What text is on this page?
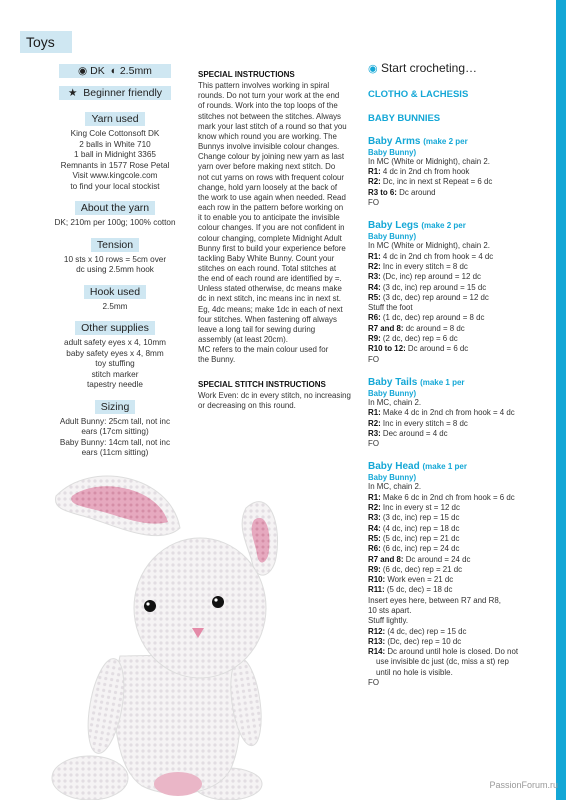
Toys
◉ DK ◐ 2.5mm
★ Beginner friendly
Yarn used
King Cole Cottonsoft DK
2 balls in White 710
1 ball in Midnight 3365
Remnants in 1577 Rose Petal
Visit www.kingcole.com
to find your local stockist
About the yarn
DK; 210m per 100g; 100% cotton
Tension
10 sts x 10 rows = 5cm over
dc using 2.5mm hook
Hook used
2.5mm
Other supplies
adult safety eyes x 4, 10mm
baby safety eyes x 4, 8mm
toy stuffing
stitch marker
tapestry needle
Sizing
Adult Bunny: 25cm tall, not inc
ears (17cm sitting)
Baby Bunny: 14cm tall, not inc
ears (11cm sitting)
SPECIAL INSTRUCTIONS
This pattern involves working in spiral
rounds. Do not turn your work at the end
of rounds. Work into the top loops of the
stitches not between the stitches. Always
mark your last stitch of a round so that you
know which round you are working. The
Bunnys involve invisible colour changes.
Change colour by joining new yarn as last
yarn over before making next stitch. Do
not cut yarns on rows with frequent colour
change, hold yarn loosely at the back of
the work to use again when needed. Read
each row in the pattern before working on
it to enable you to anticipate the invisible
colour changes. If you are not confident in
colour changing, complete Midnight Adult
Bunny first to build your experience before
tackling Baby White Bunny. Count your
stitches on each round. Total stitches at
the end of each round are identified by =.
Unless stated otherwise, dc means make
dc in next stitch, inc means inc in next st.
Eg, 4dc means; make 1dc in each of next
four stitches. When fastening off always
leave a long tail for sewing during
assembly (at least 20cm).
MC refers to the main colour used for
the Bunny.
SPECIAL STITCH INSTRUCTIONS
Work Even: dc in every stitch, no increasing
or decreasing on this round.
◉ Start crocheting…
CLOTHO & LACHESIS
BABY BUNNIES
Baby Arms (make 2 per
Baby Bunny)
In MC (White or Midnight), chain 2.
R1: 4 dc in 2nd ch from hook
R2: Dc, inc in next st Repeat = 6 dc
R3 to 6: Dc around
FO
Baby Legs (make 2 per
Baby Bunny)
In MC (White or Midnight), chain 2.
R1: 4 dc in 2nd ch from hook = 4 dc
R2: Inc in every stitch = 8 dc
R3: (Dc, inc) rep around = 12 dc
R4: (3 dc, inc) rep around = 15 dc
R5: (3 dc, dec) rep around = 12 dc
Stuff the foot
R6: (1 dc, dec) rep around = 8 dc
R7 and 8: dc around = 8 dc
R9: (2 dc, dec) rep = 6 dc
R10 to 12: Dc around = 6 dc
FO
Baby Tails (make 1 per
Baby Bunny)
In MC, chain 2.
R1: Make 4 dc in 2nd ch from hook = 4 dc
R2: Inc in every stitch = 8 dc
R3: Dec around = 4 dc
FO
Baby Head (make 1 per
Baby Bunny)
In MC, chain 2.
R1: Make 6 dc in 2nd ch from hook = 6 dc
R2: Inc in every st = 12 dc
R3: (3 dc, inc) rep = 15 dc
R4: (4 dc, inc) rep = 18 dc
R5: (5 dc, inc) rep = 21 dc
R6: (6 dc, inc) rep = 24 dc
R7 and 8: Dc around = 24 dc
R9: (6 dc, dec) rep = 21 dc
R10: Work even = 21 dc
R11: (5 dc, dec) = 18 dc
Insert eyes here, between R7 and R8,
10 sts apart.
Stuff lightly.
R12: (4 dc, dec) rep = 15 dc
R13: (Dc, dec) rep = 10 dc
R14: Dc around until hole is closed. Do not
use invisible dc just (dc, miss a st) rep
until no hole is visible.
FO
PassionForum.ru
